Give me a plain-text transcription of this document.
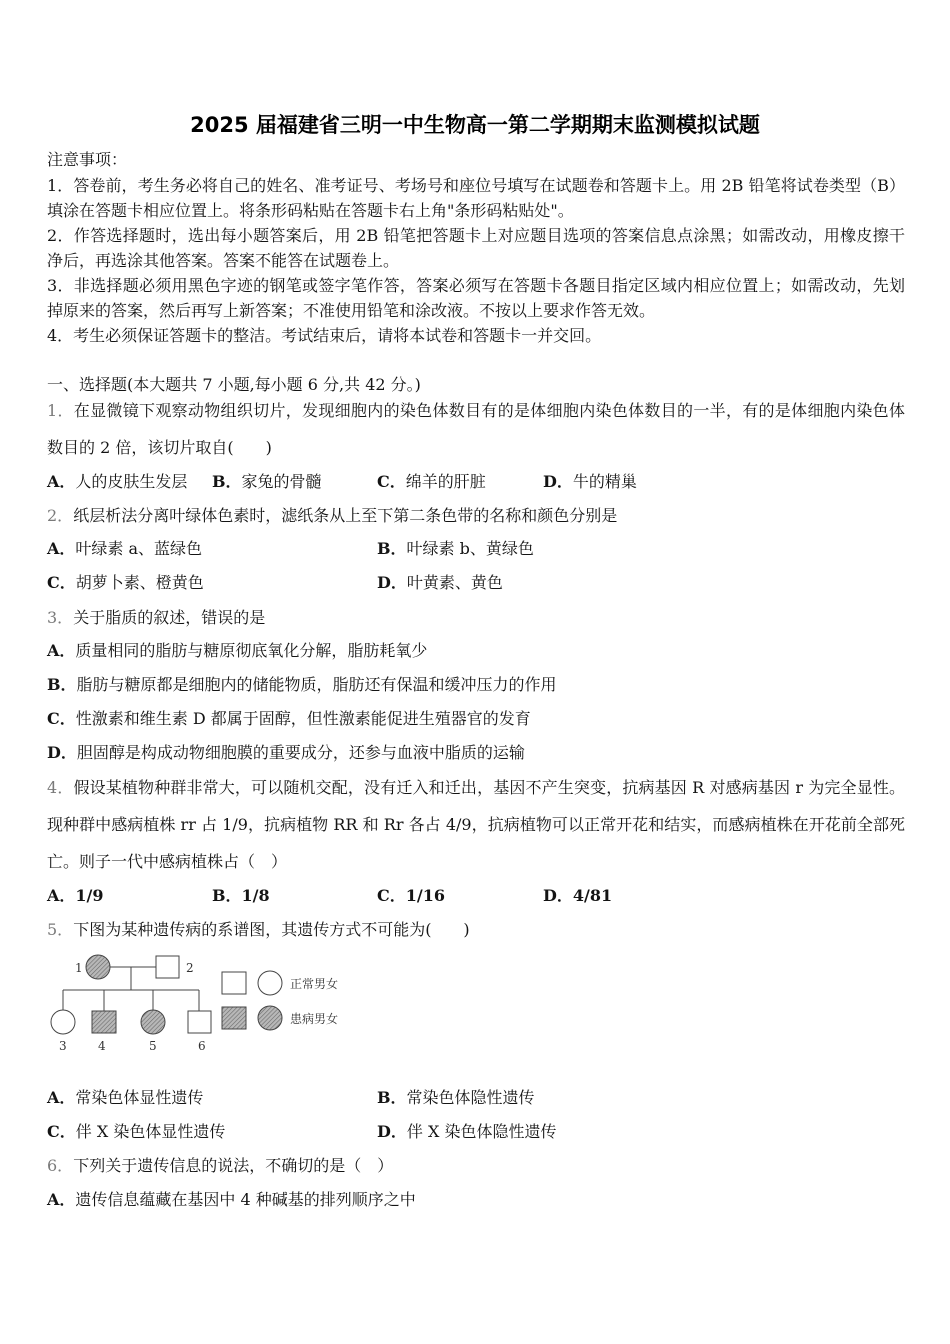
2025 届福建省三明一中生物高一第二学期期末监测模拟试题
注意事项：
1．答卷前，考生务必将自己的姓名、准考证号、考场号和座位号填写在试题卷和答题卡上。用 2B 铅笔将试卷类型（B）填涂在答题卡相应位置上。将条形码粘贴在答题卡右上角"条形码粘贴处"。
2．作答选择题时，选出每小题答案后，用 2B 铅笔把答题卡上对应题目选项的答案信息点涂黑；如需改动，用橡皮擦干净后，再选涂其他答案。答案不能答在试题卷上。
3．非选择题必须用黑色字迹的钢笔或签字笔作答，答案必须写在答题卡各题目指定区域内相应位置上；如需改动，先划掉原来的答案，然后再写上新答案；不准使用铅笔和涂改液。不按以上要求作答无效。
4．考生必须保证答题卡的整洁。考试结束后，请将本试卷和答题卡一并交回。
一、选择题(本大题共 7 小题,每小题 6 分,共 42 分。)
1．在显微镜下观察动物组织切片，发现细胞内的染色体数目有的是体细胞内染色体数目的一半，有的是体细胞内染色体数目的 2 倍，该切片取自(　　)
A．人的皮肤生发层 B．家兔的骨髓	C．绵羊的肝脏	D．牛的精巢
2．纸层析法分离叶绿体色素时，滤纸条从上至下第二条色带的名称和颜色分别是
A．叶绿素 a、蓝绿色	B．叶绿素 b、黄绿色
C．胡萝卜素、橙黄色	D．叶黄素、黄色
3．关于脂质的叙述，错误的是
A．质量相同的脂肪与糖原彻底氧化分解，脂肪耗氧少
B．脂肪与糖原都是细胞内的储能物质，脂肪还有保温和缓冲压力的作用
C．性激素和维生素 D 都属于固醇，但性激素能促进生殖器官的发育
D．胆固醇是构成动物细胞膜的重要成分，还参与血液中脂质的运输
4．假设某植物种群非常大，可以随机交配，没有迁入和迁出，基因不产生突变，抗病基因 R 对感病基因 r 为完全显性。现种群中感病植株 rr 占 1/9，抗病植物 RR 和 Rr 各占 4/9，抗病植物可以正常开花和结实，而感病植株在开花前全部死亡。则子一代中感病植株占（　）
A．1/9	B．1/8	C．1/16	D．4/81
5．下图为某种遗传病的系谱图，其遗传方式不可能为(　　)
1	2
3	4	5	6
正常男女
患病男女
A．常染色体显性遗传	B．常染色体隐性遗传
C．伴 X 染色体显性遗传	D．伴 X 染色体隐性遗传
6．下列关于遗传信息的说法，不确切的是（　）
A．遗传信息蕴藏在基因中 4 种碱基的排列顺序之中
